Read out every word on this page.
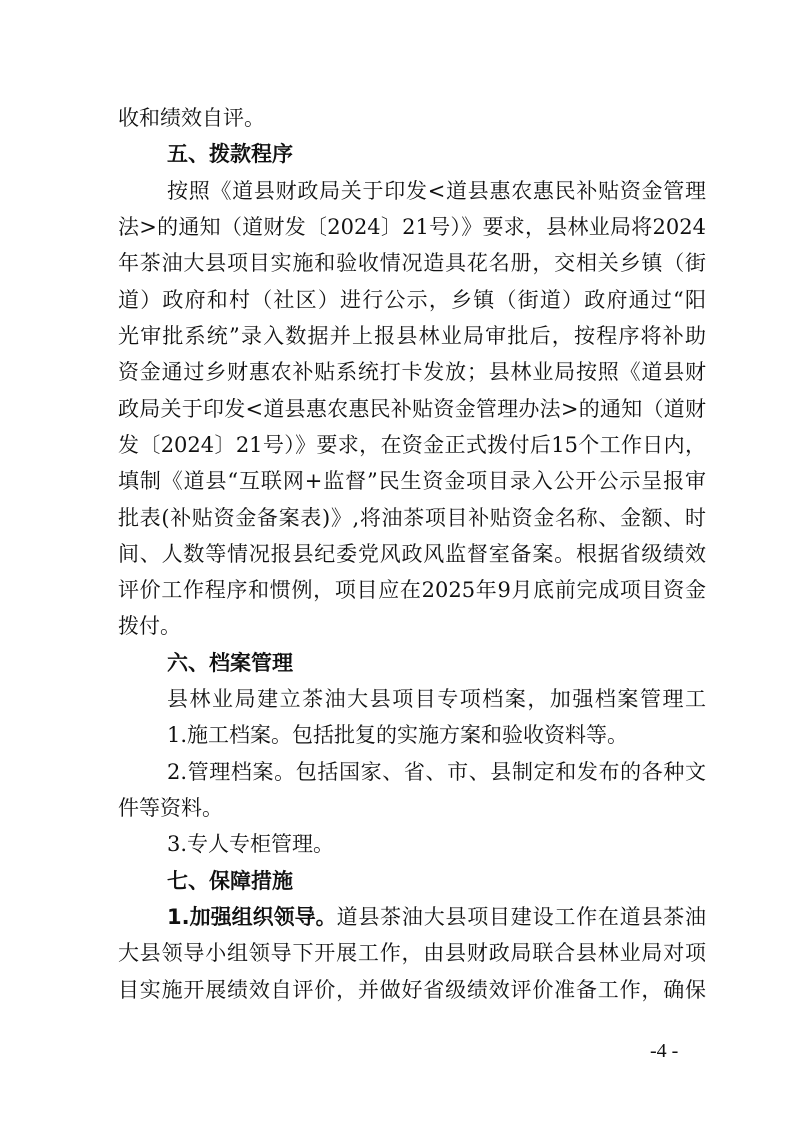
收和绩效自评。
五、拨款程序
按照《道县财政局关于印发<道县惠农惠民补贴资金管理
法>的通知（道财发〔2024〕21号）》要求，县林业局将2024
年茶油大县项目实施和验收情况造具花名册，交相关乡镇（街
道）政府和村（社区）进行公示，乡镇（街道）政府通过“阳
光审批系统”录入数据并上报县林业局审批后，按程序将补助
资金通过乡财惠农补贴系统打卡发放；县林业局按照《道县财
政局关于印发<道县惠农惠民补贴资金管理办法>的通知（道财
发〔2024〕21号）》要求，在资金正式拨付后15个工作日内，
填制《道县“互联网+监督”民生资金项目录入公开公示呈报审
批表(补贴资金备案表)》,将油茶项目补贴资金名称、金额、时
间、人数等情况报县纪委党风政风监督室备案。根据省级绩效
评价工作程序和惯例，项目应在2025年9月底前完成项目资金
拨付。
六、档案管理
县林业局建立茶油大县项目专项档案，加强档案管理工
1.施工档案。包括批复的实施方案和验收资料等。
2.管理档案。包括国家、省、市、县制定和发布的各种文
件等资料。
3.专人专柜管理。
七、保障措施
1.加强组织领导。 道县茶油大县项目建设工作在道县茶油
大县领导小组领导下开展工作，由县财政局联合县林业局对项
目实施开展绩效自评价，并做好省级绩效评价准备工作，确保
-4 -
